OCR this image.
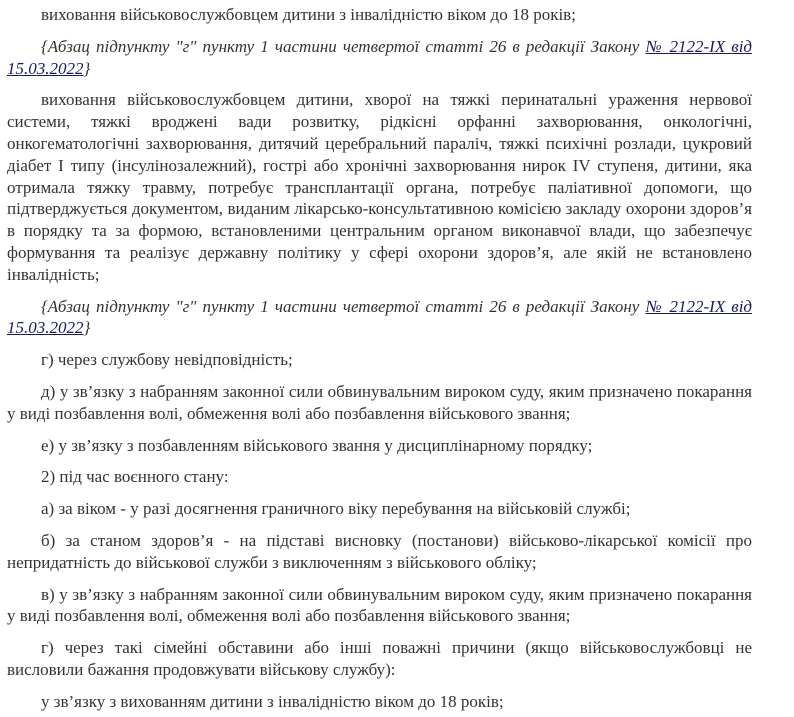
виховання військовослужбовцем дитини з інвалідністю віком до 18 років;

{Абзац підпункту "г" пункту 1 частини четвертої статті 26 в редакції Закону № 2122-IX від 15.03.2022}

виховання військовослужбовцем дитини, хворої на тяжкі перинатальні ураження нервової системи, тяжкі вроджені вади розвитку, рідкісні орфанні захворювання, онкологічні, онкогематологічні захворювання, дитячий церебральний параліч, тяжкі психічні розлади, цукровий діабет I типу (інсулінозалежний), гострі або хронічні захворювання нирок IV ступеня, дитини, яка отримала тяжку травму, потребує трансплантації органа, потребує паліативної допомоги, що підтверджується документом, виданим лікарсько-консультативною комісією закладу охорони здоров’я в порядку та за формою, встановленими центральним органом виконавчої влади, що забезпечує формування та реалізує державну політику у сфері охорони здоров’я, але якій не встановлено інвалідність;

{Абзац підпункту "г" пункту 1 частини четвертої статті 26 в редакції Закону № 2122-IX від 15.03.2022}

г) через службову невідповідність;

д) у зв’язку з набранням законної сили обвинувальним вироком суду, яким призначено покарання у виді позбавлення волі, обмеження волі або позбавлення військового звання;

е) у зв’язку з позбавленням військового звання у дисциплінарному порядку;

2) під час воєнного стану:

а) за віком - у разі досягнення граничного віку перебування на військовій службі;

б) за станом здоров’я - на підставі висновку (постанови) військово-лікарської комісії про непридатність до військової служби з виключенням з військового обліку;

в) у зв’язку з набранням законної сили обвинувальним вироком суду, яким призначено покарання у виді позбавлення волі, обмеження волі або позбавлення військового звання;

г) через такі сімейні обставини або інші поважні причини (якщо військовослужбовці не висловили бажання продовжувати військову службу):

у зв’язку з вихованням дитини з інвалідністю віком до 18 років;
